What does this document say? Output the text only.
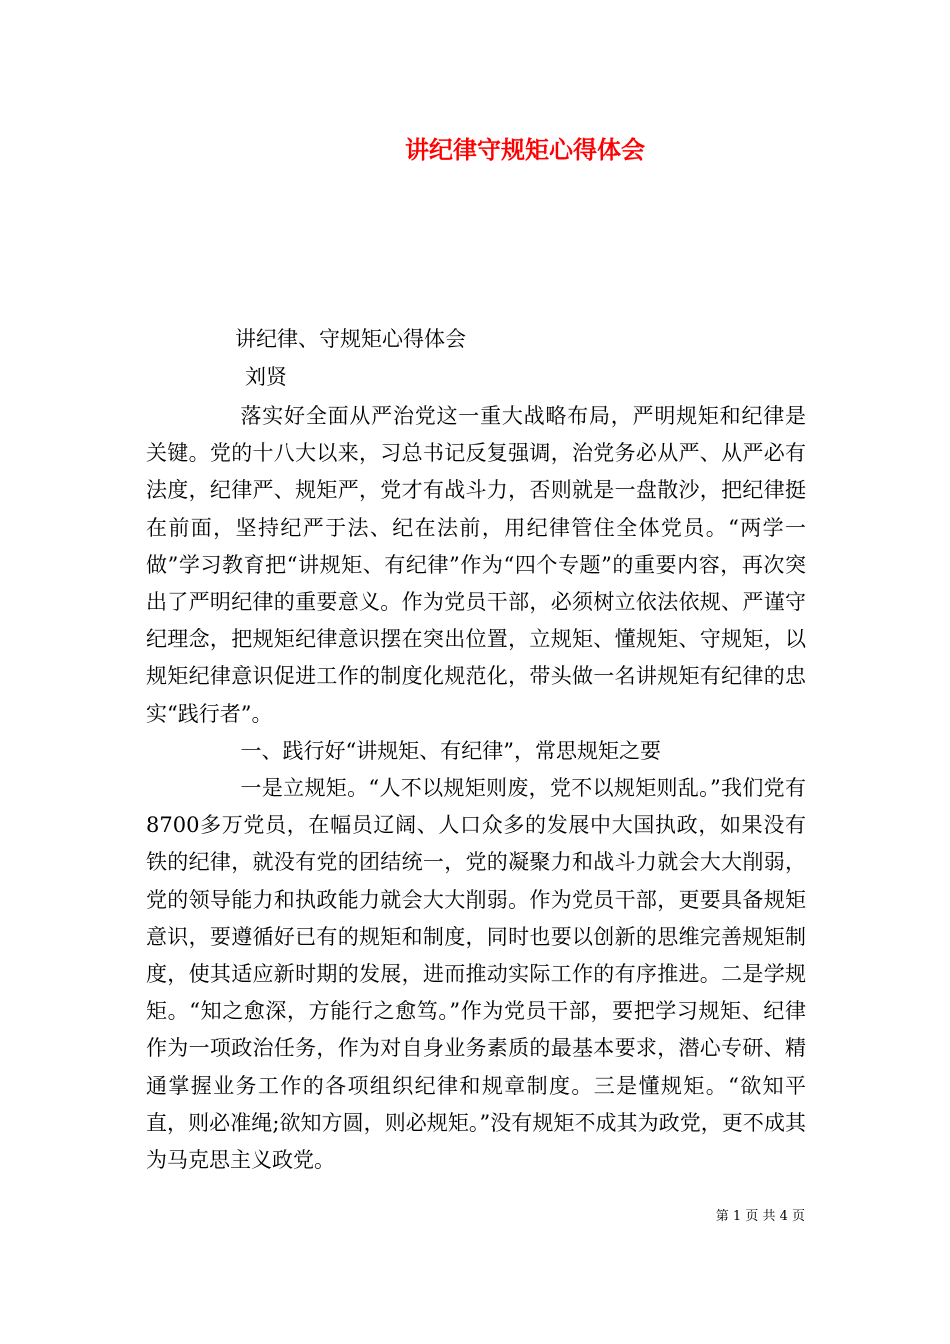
讲纪律守规矩心得体会
讲纪律、守规矩心得体会
刘贤

落实好全面从严治党这一重大战略布局，严明规矩和纪律是关键。党的十八大以来，习总书记反复强调，治党务必从严、从严必有法度，纪律严、规矩严，党才有战斗力，否则就是一盘散沙，把纪律挺在前面，坚持纪严于法、纪在法前，用纪律管住全体党员。“两学一做”学习教育把“讲规矩、有纪律”作为“四个专题”的重要内容，再次突出了严明纪律的重要意义。作为党员干部，必须树立依法依规、严谨守纪理念，把规矩纪律意识摆在突出位置，立规矩、懂规矩、守规矩，以规矩纪律意识促进工作的制度化规范化，带头做一名讲规矩有纪律的忠实“践行者”。

一、践行好“讲规矩、有纪律”，常思规矩之要

一是立规矩。“人不以规矩则废，党不以规矩则乱。”我们党有8700多万党员，在幅员辽阔、人口众多的发展中大国执政，如果没有铁的纪律，就没有党的团结统一，党的凝聚力和战斗力就会大大削弱，党的领导能力和执政能力就会大大削弱。作为党员干部，更要具备规矩意识，要遵循好已有的规矩和制度，同时也要以创新的思维完善规矩制度，使其适应新时期的发展，进而推动实际工作的有序推进。二是学规矩。“知之愈深，方能行之愈笃。”作为党员干部，要把学习规矩、纪律作为一项政治任务，作为对自身业务素质的最基本要求，潜心专研、精通掌握业务工作的各项组织纪律和规章制度。三是懂规矩。“欲知平直，则必准绳;欲知方圆，则必规矩。”没有规矩不成其为政党，更不成其为马克思主义政党。

第 1 页 共 4 页
